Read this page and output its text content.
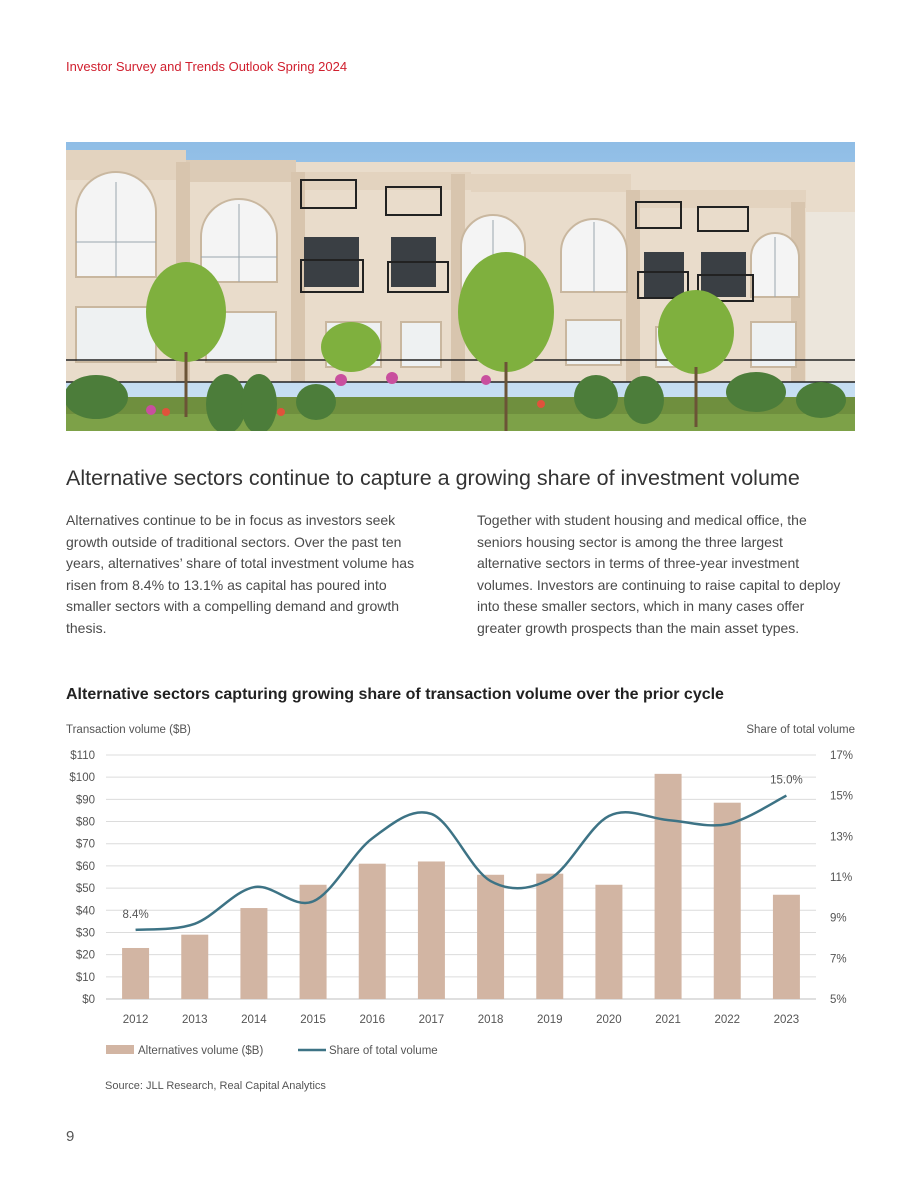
Investor Survey and Trends Outlook Spring 2024
Alternative sectors continue to capture a growing share of investment volume

Alternatives continue to be in focus as investors seek growth outside of traditional sectors. Over the past ten years, alternatives’ share of total investment volume has risen from 8.4% to 13.1% as capital has poured into smaller sectors with a compelling demand and growth thesis.

Together with student housing and medical office, the seniors housing sector is among the three largest alternative sectors in terms of three-year investment volumes. Investors are continuing to raise capital to deploy into these smaller sectors, which in many cases offer greater growth prospects than the main asset types.

Alternative sectors capturing growing share of transaction volume over the prior cycle
Transaction volume ($B)	Share of total volume
$0
$10
$20
$30
$40
$50
$60
$70
$80
$90
$100
$110
5%
7%
9%
11%
13%
15%
17%
2012	2013	2014	2015	2016	2017	2018	2019	2020	2021	2022	2023
8.4%
15.0%
Alternatives volume ($B)	Share of total volume
Source: JLL Research, Real Capital Analytics
9
